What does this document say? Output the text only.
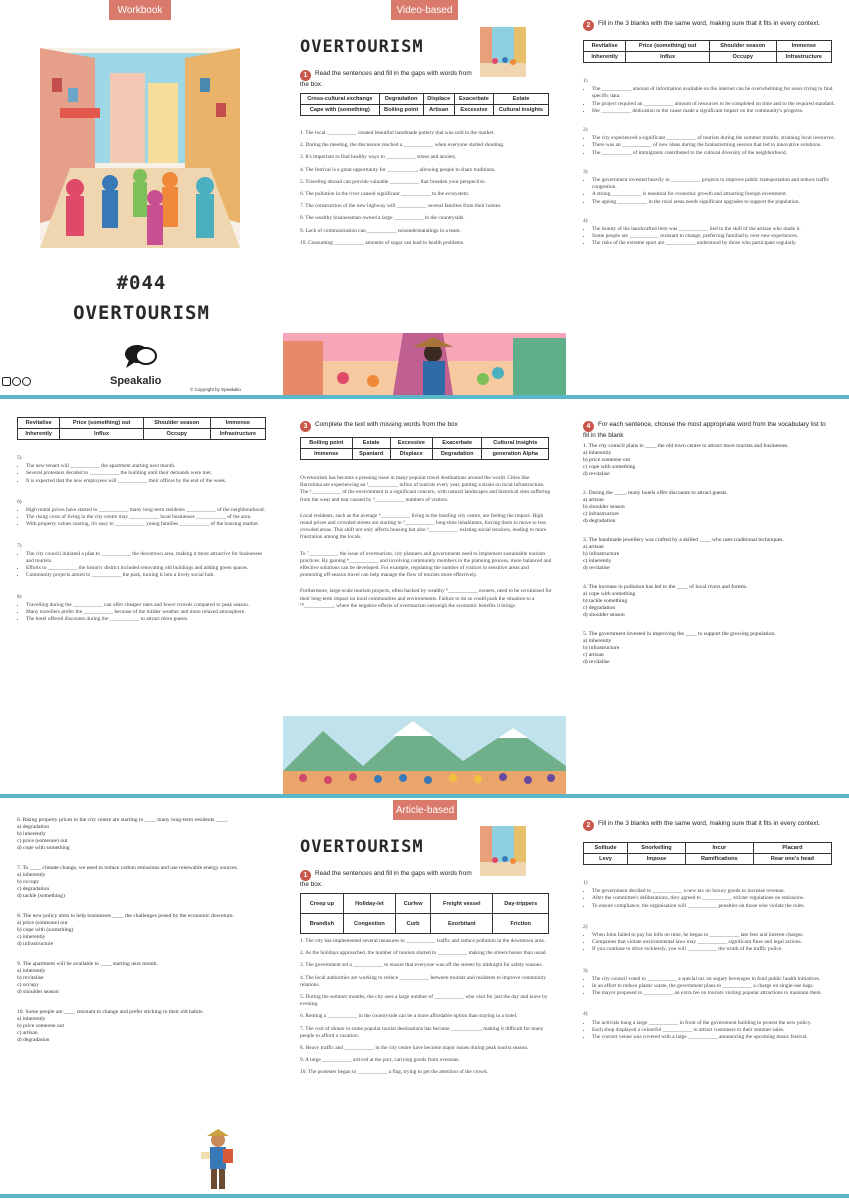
Workbook
#044
OVERTOURISM
Speakalio
© Copyright by Speakalio
Video-based
OVERTOURISM
1 Read the sentences and fill in the gaps with words from the box.
Cross-cultural exchange	Degradation	Displace	Exacerbate	Estate
Cape with (something)	Boiling point	Artisan	Excessive	Cultural insights

1. The local ___________ created beautiful handmade pottery that was sold in the market.

2. During the meeting, the discussion reached a ___________ when everyone started shouting.

3. It's important to find healthy ways to ___________ stress and anxiety.

4. The festival is a great opportunity for ___________, allowing people to share traditions.

5. Traveling abroad can provide valuable ___________ that broaden your perspective.

6. The pollution in the river caused significant ___________ to the ecosystem.

7. The construction of the new highway will ___________ several families from their homes.

8. The wealthy businessman owned a large ___________ in the countryside.

9. Lack of communication can ___________ misunderstandings in a team.

10. Consuming ___________ amounts of sugar can lead to health problems.

2 Fill in the 3 blanks with the same word, making sure that it fits in every context.
Revitalise	Price (something) out	Shoulder season	Immense
Inherently	Influx	Occupy	Infrastructure
1)
• The ___________ amount of information available on the internet can be overwhelming for users trying to find specific data.
• The project required an ___________ amount of resources to be completed on time and to the required standard.
• Her ___________ dedication to the cause made a significant impact on the community's progress.
2)
• The city experienced a significant ___________ of tourists during the summer months, straining local resources.
• There was an ___________ of new ideas during the brainstorming session that led to innovative solutions.
• The ___________ of immigrants contributed to the cultural diversity of the neighborhood.
3)
• The government invested heavily in ___________ projects to improve public transportation and reduce traffic congestion.
• A strong ___________ is essential for economic growth and attracting foreign investment.
• The ageing ___________ in the rural areas needs significant upgrades to support the population.
4)
• The beauty of the handcrafted item was ___________ tied to the skill of the artisan who made it.
• Some people are ___________ resistant to change, preferring familiarity over new experiences.
• The risks of the extreme sport are ___________ understood by those who participate regularly.
Revitalise	Price (something) out	Shoulder season	Immense
Inherently	Influx	Occupy	Infrastructure
5)
• The new tenant will ___________ the apartment starting next month.
• Several protesters decided to ___________ the building until their demands were met.
• It is expected that the new employees will ___________ their offices by the end of the week.
6)
• High rental prices have started to ___________ many long-term residents ___________ of the neighbourhood.
• The rising costs of living in the city centre may ___________ local businesses ___________ of the area.
• With property values soaring, it's easy to ___________ young families ___________ of the housing market.
7)
• The city council initiated a plan to ___________ the downtown area, making it more attractive for businesses and tourists.
• Efforts to ___________ the historic district included renovating old buildings and adding green spaces.
• Community projects aimed to ___________ the park, turning it into a lively social hub.
8)
• Travelling during the ___________ can offer cheaper rates and fewer crowds compared to peak season.
• Many travellers prefer the ___________ because of the milder weather and more relaxed atmosphere.
• The hotel offered discounts during the ___________ to attract more guests.
3 Complete the text with missing words from the box
Boiling point	Estate	Excessive	Exacerbate	Cultural insights
Immense	Spaniard	Displace	Degradation	generation Alpha

Overtourism has become a pressing issue in many popular travel destinations around the world. Cities like Barcelona are experiencing an ¹___________ influx of tourists every year, putting a strain on local infrastructure. The ²___________ of the environment is a significant concern, with natural landscapes and historical sites suffering from the wear and tear caused by ³___________ numbers of visitors.

Local residents, such as the average ⁴___________ living in the bustling city centre, are feeling the impact. High rental prices and crowded streets are starting to ⁵___________ long-time inhabitants, forcing them to move to less crowded areas. This shift not only affects housing but also ⁶___________ existing social tensions, leading to more frustration among the locals.

To ⁷___________ the issue of overtourism, city planners and governments need to implement sustainable tourism practices. By gaining ⁸___________ and involving community members in the planning process, more balanced and effective solutions can be developed. For example, regulating the number of visitors to sensitive areas and promoting off-season travel can help manage the flow of tourists more effectively.

Furthermore, large-scale tourism projects, often backed by wealthy ⁹___________ owners, need to be scrutinised for their long-term impact on local communities and environments. Failure to do so could push the situation to a ¹⁰___________, where the negative effects of overtourism outweigh the economic benefits it brings.

4 For each sentence, choose the most appropriate word from the vocabulary list to fill in the blank
1. The city council plans to ____ the old town centre to attract more tourists and businesses.
a) inherently
b) price someone out
c) cope with something
d) revitalise
2. During the ____, many hotels offer discounts to attract guests.
a) artisan
b) shoulder season
c) infrastructure
d) degradation
3. The handmade jewellery was crafted by a skilled ____ who uses traditional techniques.
a) artisan
b) infrastructure
c) inherently
d) revitalise
4. The increase in pollution has led to the ____ of local rivers and forests.
a) cope with something
b) tackle something
c) degradation
d) shoulder season
5. The government invested in improving the ____ to support the growing population.
a) inherently
b) infrastructure
c) artisan
d) revitalise
6. Rising property prices in the city centre are starting to ____ many long-term residents ____.
a) degradation
b) inherently
c) price (someone) out
d) cope with something
7. To ____ climate change, we need to reduce carbon emissions and use renewable energy sources.
a) inherently
b) occupy
c) degradation
d) tackle (something)
8. The new policy aims to help businesses ____ the challenges posed by the economic downturn.
a) price (someone) out
b) cope with (something)
c) inherently
d) infrastructure
9. The apartment will be available to ____ starting next month.
a) inherently
b) revitalise
c) occupy
d) shoulder season
10. Some people are ____ resistant to change and prefer sticking to their old habits.
a) inherently
b) price someone out
c) artisan
d) degradation
Article-based
OVERTOURISM
1 Read the sentences and fill in the gaps with words from the box.
Creep up	Holiday-let	Curfew	Freight vessel	Day-trippers
Brandish	Congestion	Curb	Exorbitant	Friction

1. The city has implemented several measures to ___________ traffic and reduce pollution in the downtown area.

2. As the holidays approached, the number of tourists started to ___________ making the streets busier than usual.

3. The government set a ___________ to ensure that everyone was off the streets by midnight for safety reasons.

4. The local authorities are working to reduce ___________ between tourists and residents to improve community relations.

5. During the summer months, the city sees a large number of ___________ who visit for just the day and leave by evening.

6. Renting a ___________ in the countryside can be a more affordable option than staying in a hotel.

7. The cost of dinner in some popular tourist destinations has become ___________, making it difficult for many people to afford a vacation.

8. Heavy traffic and ___________ in the city centre have become major issues during peak tourist season.

9. A large ___________ arrived at the port, carrying goods from overseas.

10. The protester began to ___________ a flag, trying to get the attention of the crowd.

2 Fill in the 3 blanks with the same word, making sure that it fits in every context.
Solitude	Snorkelling	Incur	Placard
Levy	Impose	Ramifications	Rear one's head
1)
• The government decided to ___________ a new tax on luxury goods to increase revenue.
• After the committee's deliberations, they agreed to ___________ stricter regulations on emissions.
• To ensure compliance, the organisation will ___________ penalties on those who violate the rules.
2)
• When John failed to pay his bills on time, he began to ___________ late fees and interest charges.
• Companies that violate environmental laws may ___________ significant fines and legal actions.
• If you continue to drive recklessly, you will ___________ the wrath of the traffic police.
3)
• The city council voted to ___________ a special tax on sugary beverages to fund public health initiatives.
• In an effort to reduce plastic waste, the government plans to ___________ a charge on single-use bags.
• The mayor proposed to ___________ an extra fee on tourists visiting popular attractions to maintain them.
4)
• The activists hung a large ___________ in front of the government building to protest the new policy.
• Each shop displayed a colourful ___________ to attract customers to their summer sales.
• The concert venue was covered with a large ___________ announcing the upcoming music festival.
